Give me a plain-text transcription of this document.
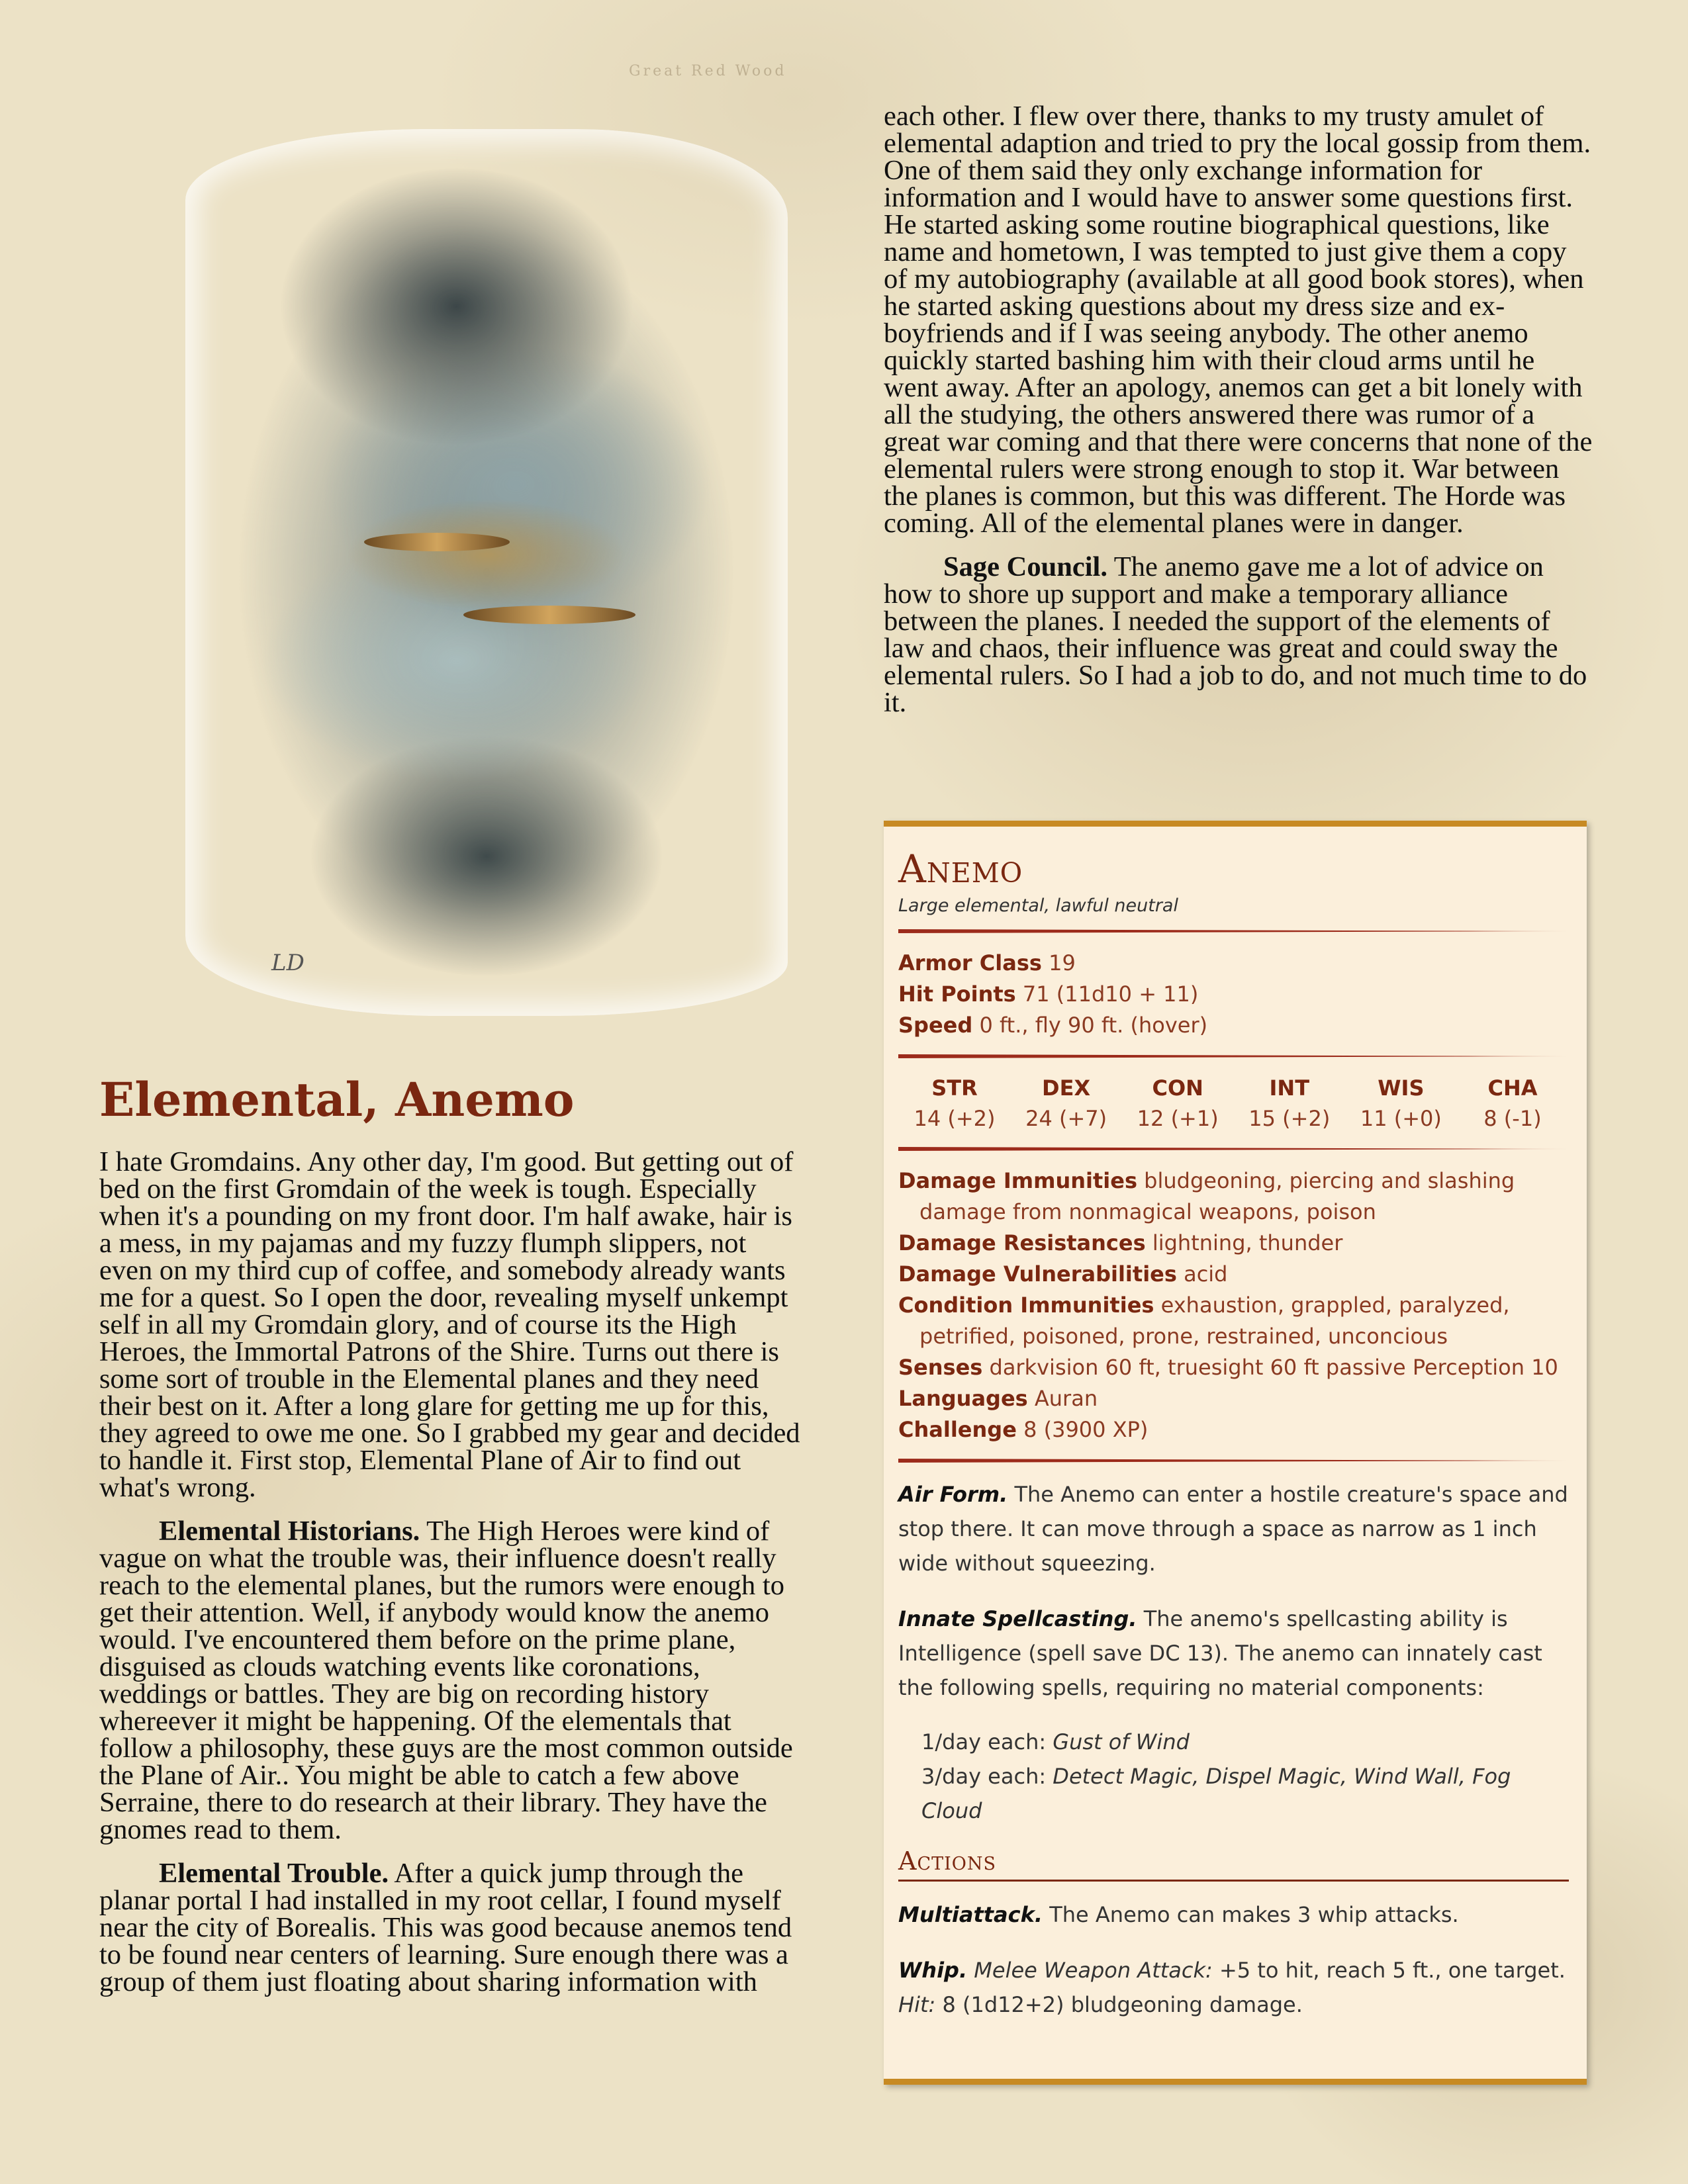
Great Red Wood
LD
Elemental, Anemo

I hate Gromdains. Any other day, I'm good. But getting out of bed on the first Gromdain of the week is tough. Especially when it's a pounding on my front door. I'm half awake, hair is a mess, in my pajamas and my fuzzy flumph slippers, not even on my third cup of coffee, and somebody already wants me for a quest. So I open the door, revealing myself unkempt self in all my Gromdain glory, and of course its the High Heroes, the Immortal Patrons of the Shire. Turns out there is some sort of trouble in the Elemental planes and they need their best on it. After a long glare for getting me up for this, they agreed to owe me one. So I grabbed my gear and decided to handle it. First stop, Elemental Plane of Air to find out what's wrong.

Elemental Historians. The High Heroes were kind of vague on what the trouble was, their influence doesn't really reach to the elemental planes, but the rumors were enough to get their attention. Well, if anybody would know the anemo would. I've encountered them before on the prime plane, disguised as clouds watching events like coronations, weddings or battles. They are big on recording history whereever it might be happening. Of the elementals that follow a philosophy, these guys are the most common outside the Plane of Air.. You might be able to catch a few above Serraine, there to do research at their library. They have the gnomes read to them.

Elemental Trouble. After a quick jump through the planar portal I had installed in my root cellar, I found myself near the city of Borealis. This was good because anemos tend to be found near centers of learning. Sure enough there was a group of them just floating about sharing information with

each other. I flew over there, thanks to my trusty amulet of elemental adaption and tried to pry the local gossip from them. One of them said they only exchange information for information and I would have to answer some questions first. He started asking some routine biographical questions, like name and hometown, I was tempted to just give them a copy of my autobiography (available at all good book stores), when he started asking questions about my dress size and ex-boyfriends and if I was seeing anybody. The other anemo quickly started bashing him with their cloud arms until he went away. After an apology, anemos can get a bit lonely with all the studying, the others answered there was rumor of a great war coming and that there were concerns that none of the elemental rulers were strong enough to stop it. War between the planes is common, but this was different. The Horde was coming. All of the elemental planes were in danger.

Sage Council. The anemo gave me a lot of advice on how to shore up support and make a temporary alliance between the planes. I needed the support of the elements of law and chaos, their influence was great and could sway the elemental rulers. So I had a job to do, and not much time to do it.

Anemo
Large elemental, lawful neutral
Armor Class 19
Hit Points 71 (11d10 + 11)
Speed 0 ft., fly 90 ft. (hover)
STR
14 (+2)
DEX
24 (+7)
CON
12 (+1)
INT
15 (+2)
WIS
11 (+0)
CHA
8 (-1)
Damage Immunities bludgeoning, piercing and slashing damage from nonmagical weapons, poison
Damage Resistances lightning, thunder
Damage Vulnerabilities acid
Condition Immunities exhaustion, grappled, paralyzed, petrified, poisoned, prone, restrained, unconcious
Senses darkvision 60 ft, truesight 60 ft passive Perception 10
Languages Auran
Challenge 8 (3900 XP)
Air Form. The Anemo can enter a hostile creature's space and stop there. It can move through a space as narrow as 1 inch wide without squeezing.
Innate Spellcasting. The anemo's spellcasting ability is Intelligence (spell save DC 13). The anemo can innately cast the following spells, requiring no material components:
1/day each: Gust of Wind
3/day each: Detect Magic, Dispel Magic, Wind Wall, Fog Cloud
Actions
Multiattack. The Anemo can makes 3 whip attacks.
Whip. Melee Weapon Attack: +5 to hit, reach 5 ft., one target. Hit: 8 (1d12+2) bludgeoning damage.
